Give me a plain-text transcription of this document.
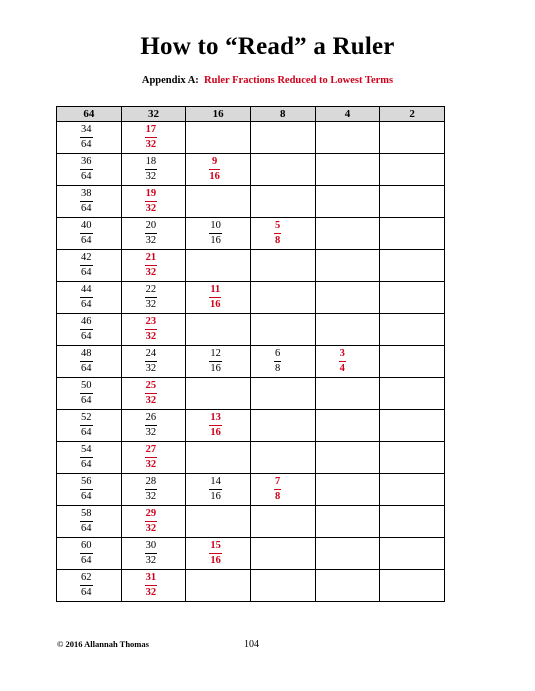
How to “Read” a Ruler
Appendix A: Ruler Fractions Reduced to Lowest Terms
64	32	16	8	4	2

$\frac{34}{64}$	$\frac{17}{32}$

$\frac{36}{64}$	$\frac{18}{32}$	$\frac{9}{16}$

$\frac{38}{64}$	$\frac{19}{32}$

$\frac{40}{64}$	$\frac{20}{32}$	$\frac{10}{16}$	$\frac{5}{8}$

$\frac{42}{64}$	$\frac{21}{32}$

$\frac{44}{64}$	$\frac{22}{32}$	$\frac{11}{16}$

$\frac{46}{64}$	$\frac{23}{32}$

$\frac{48}{64}$	$\frac{24}{32}$	$\frac{12}{16}$	$\frac{6}{8}$	$\frac{3}{4}$

$\frac{50}{64}$	$\frac{25}{32}$

$\frac{52}{64}$	$\frac{26}{32}$	$\frac{13}{16}$

$\frac{54}{64}$	$\frac{27}{32}$

$\frac{56}{64}$	$\frac{28}{32}$	$\frac{14}{16}$	$\frac{7}{8}$

$\frac{58}{64}$	$\frac{29}{32}$

$\frac{60}{64}$	$\frac{30}{32}$	$\frac{15}{16}$

$\frac{62}{64}$	$\frac{31}{32}$

© 2016 Allannah Thomas	104
